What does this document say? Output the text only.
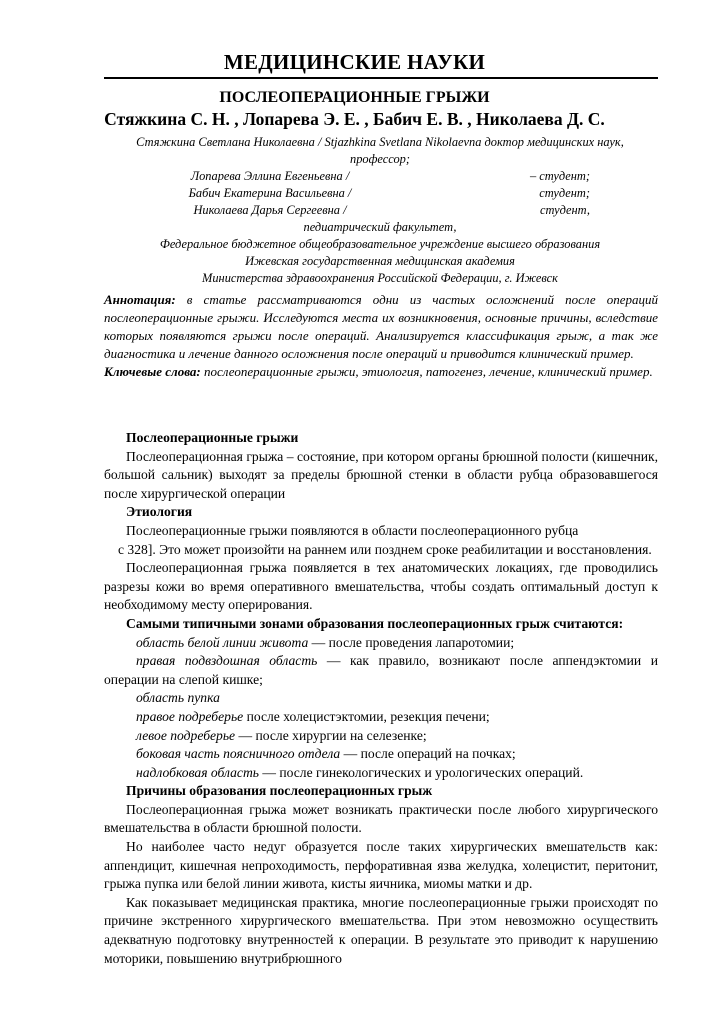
МЕДИЦИНСКИЕ НАУКИ
ПОСЛЕОПЕРАЦИОННЫЕ ГРЫЖИ
Стяжкина С. Н. , Лопарева Э. Е. , Бабич Е. В. , Николаева Д. С.
Стяжкина Светлана Николаевна / Stjazhkina Svetlana Nikolaevna доктор медицинских наук,
профессор;
Лопарева Эллина Евгеньевна /	– студент;
Бабич Екатерина Васильевна /	студент;
Николаева Дарья Сергеевна /	студент,
педиатрический факультет,
Федеральное бюджетное общеобразовательное учреждение высшего образования
Ижевская государственная медицинская академия
Министерства здравоохранения Российской Федерации, г. Ижевск
Аннотация: в статье рассматриваются одни из частых осложнений после операций послеоперационные грыжи. Исследуются места их возникновения, основные причины, вследствие которых появляются грыжи после операций. Анализируется классификация грыж, а так же диагностика и лечение данного осложнения после операций и приводится клинический пример.
Ключевые слова: послеоперационные грыжи, этиология, патогенез, лечение, клинический пример.

Послеоперационные грыжи

Послеоперационная грыжа – состояние, при котором органы брюшной полости (кишечник, большой сальник) выходят за пределы брюшной стенки в области рубца образовавшегося после хирургической операции

Этиология

Послеоперационные грыжи появляются в области послеоперационного рубца

с 328]. Это может произойти на раннем или позднем сроке реабилитации и восстановления.

Послеоперационная грыжа появляется в тех анатомических локациях, где проводились разрезы кожи во время оперативного вмешательства, чтобы создать оптимальный доступ к необходимому месту оперирования.

Самыми типичными зонами образования послеоперационных грыж считаются:

область белой линии живота — после проведения лапаротомии;

правая подвздошная область — как правило, возникают после аппендэктомии и операции на слепой кишке;

область пупка

правое подреберье после холецистэктомии, резекция печени;

левое подреберье — после хирургии на селезенке;

боковая часть поясничного отдела — после операций на почках;

надлобковая область — после гинекологических и урологических операций.

Причины образования послеоперационных грыж

Послеоперационная грыжа может возникать практически после любого хирургического вмешательства в области брюшной полости.

Но наиболее часто недуг образуется после таких хирургических вмешательств как: аппендицит, кишечная непроходимость, перфоративная язва желудка, холецистит, перитонит, грыжа пупка или белой линии живота, кисты яичника, миомы матки и др.

Как показывает медицинская практика, многие послеоперационные грыжи происходят по причине экстренного хирургического вмешательства. При этом невозможно осуществить адекватную подготовку внутренностей к операции. В результате это приводит к нарушению моторики, повышению внутрибрюшного
